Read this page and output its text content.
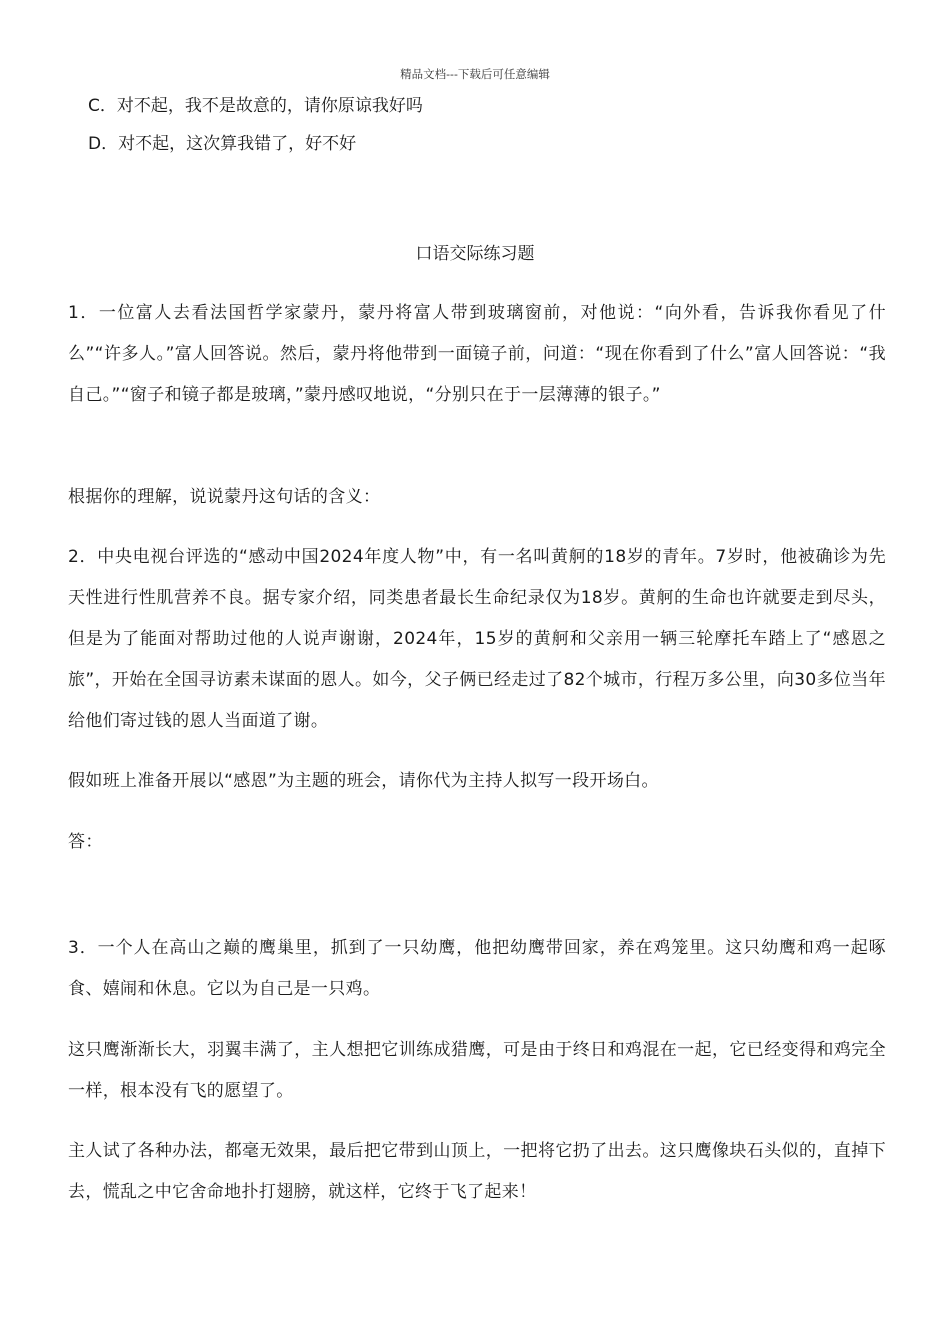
精品文档---下载后可任意编辑
C．对不起，我不是故意的，请你原谅我好吗
D．对不起，这次算我错了，好不好
口语交际练习题
1．一位富人去看法国哲学家蒙丹，蒙丹将富人带到玻璃窗前，对他说：“向外看，告诉我你看见了什么”“许多人。”富人回答说。然后，蒙丹将他带到一面镜子前，问道：“现在你看到了什么”富人回答说：“我自己。”“窗子和镜子都是玻璃，”蒙丹感叹地说，“分别只在于一层薄薄的银子。”
根据你的理解，说说蒙丹这句话的含义：
2．中央电视台评选的“感动中国2024年度人物”中，有一名叫黄舸的18岁的青年。7岁时，他被确诊为先天性进行性肌营养不良。据专家介绍，同类患者最长生命纪录仅为18岁。黄舸的生命也许就要走到尽头，但是为了能面对帮助过他的人说声谢谢，2024年，15岁的黄舸和父亲用一辆三轮摩托车踏上了“感恩之旅”，开始在全国寻访素未谋面的恩人。如今，父子俩已经走过了82个城市，行程万多公里，向30多位当年给他们寄过钱的恩人当面道了谢。
假如班上准备开展以“感恩”为主题的班会，请你代为主持人拟写一段开场白。
答：
3．一个人在高山之巅的鹰巢里，抓到了一只幼鹰，他把幼鹰带回家，养在鸡笼里。这只幼鹰和鸡一起啄食、嬉闹和休息。它以为自己是一只鸡。
这只鹰渐渐长大，羽翼丰满了，主人想把它训练成猎鹰，可是由于终日和鸡混在一起，它已经变得和鸡完全一样，根本没有飞的愿望了。
主人试了各种办法，都毫无效果，最后把它带到山顶上，一把将它扔了出去。这只鹰像块石头似的，直掉下去，慌乱之中它舍命地扑打翅膀，就这样，它终于飞了起来！
